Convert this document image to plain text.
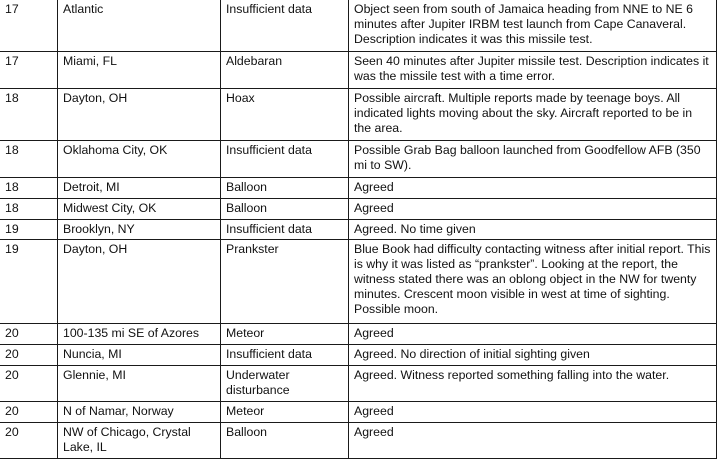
17	Atlantic	Insufficient data	Object seen from south of Jamaica heading from NNE to NE 6 minutes after Jupiter IRBM test launch from Cape Canaveral. Description indicates it was this missile test.
17	Miami, FL	Aldebaran	Seen 40 minutes after Jupiter missile test. Description indicates it was the missile test with a time error.
18	Dayton, OH	Hoax	Possible aircraft. Multiple reports made by teenage boys. All indicated lights moving about the sky. Aircraft reported to be in the area.
18	Oklahoma City, OK	Insufficient data	Possible Grab Bag balloon launched from Goodfellow AFB (350 mi to SW).
18	Detroit, MI	Balloon	Agreed
18	Midwest City, OK	Balloon	Agreed
19	Brooklyn, NY	Insufficient data	Agreed. No time given
19	Dayton, OH	Prankster	Blue Book had difficulty contacting witness after initial report. This is why it was listed as “prankster”. Looking at the report, the witness stated there was an oblong object in the NW for twenty minutes. Crescent moon visible in west at time of sighting. Possible moon.
20	100-135 mi SE of Azores	Meteor	Agreed
20	Nuncia, MI	Insufficient data	Agreed. No direction of initial sighting given
20	Glennie, MI	Underwater disturbance	Agreed. Witness reported something falling into the water.
20	N of Namar, Norway	Meteor	Agreed
20	NW of Chicago, Crystal Lake, IL	Balloon	Agreed
